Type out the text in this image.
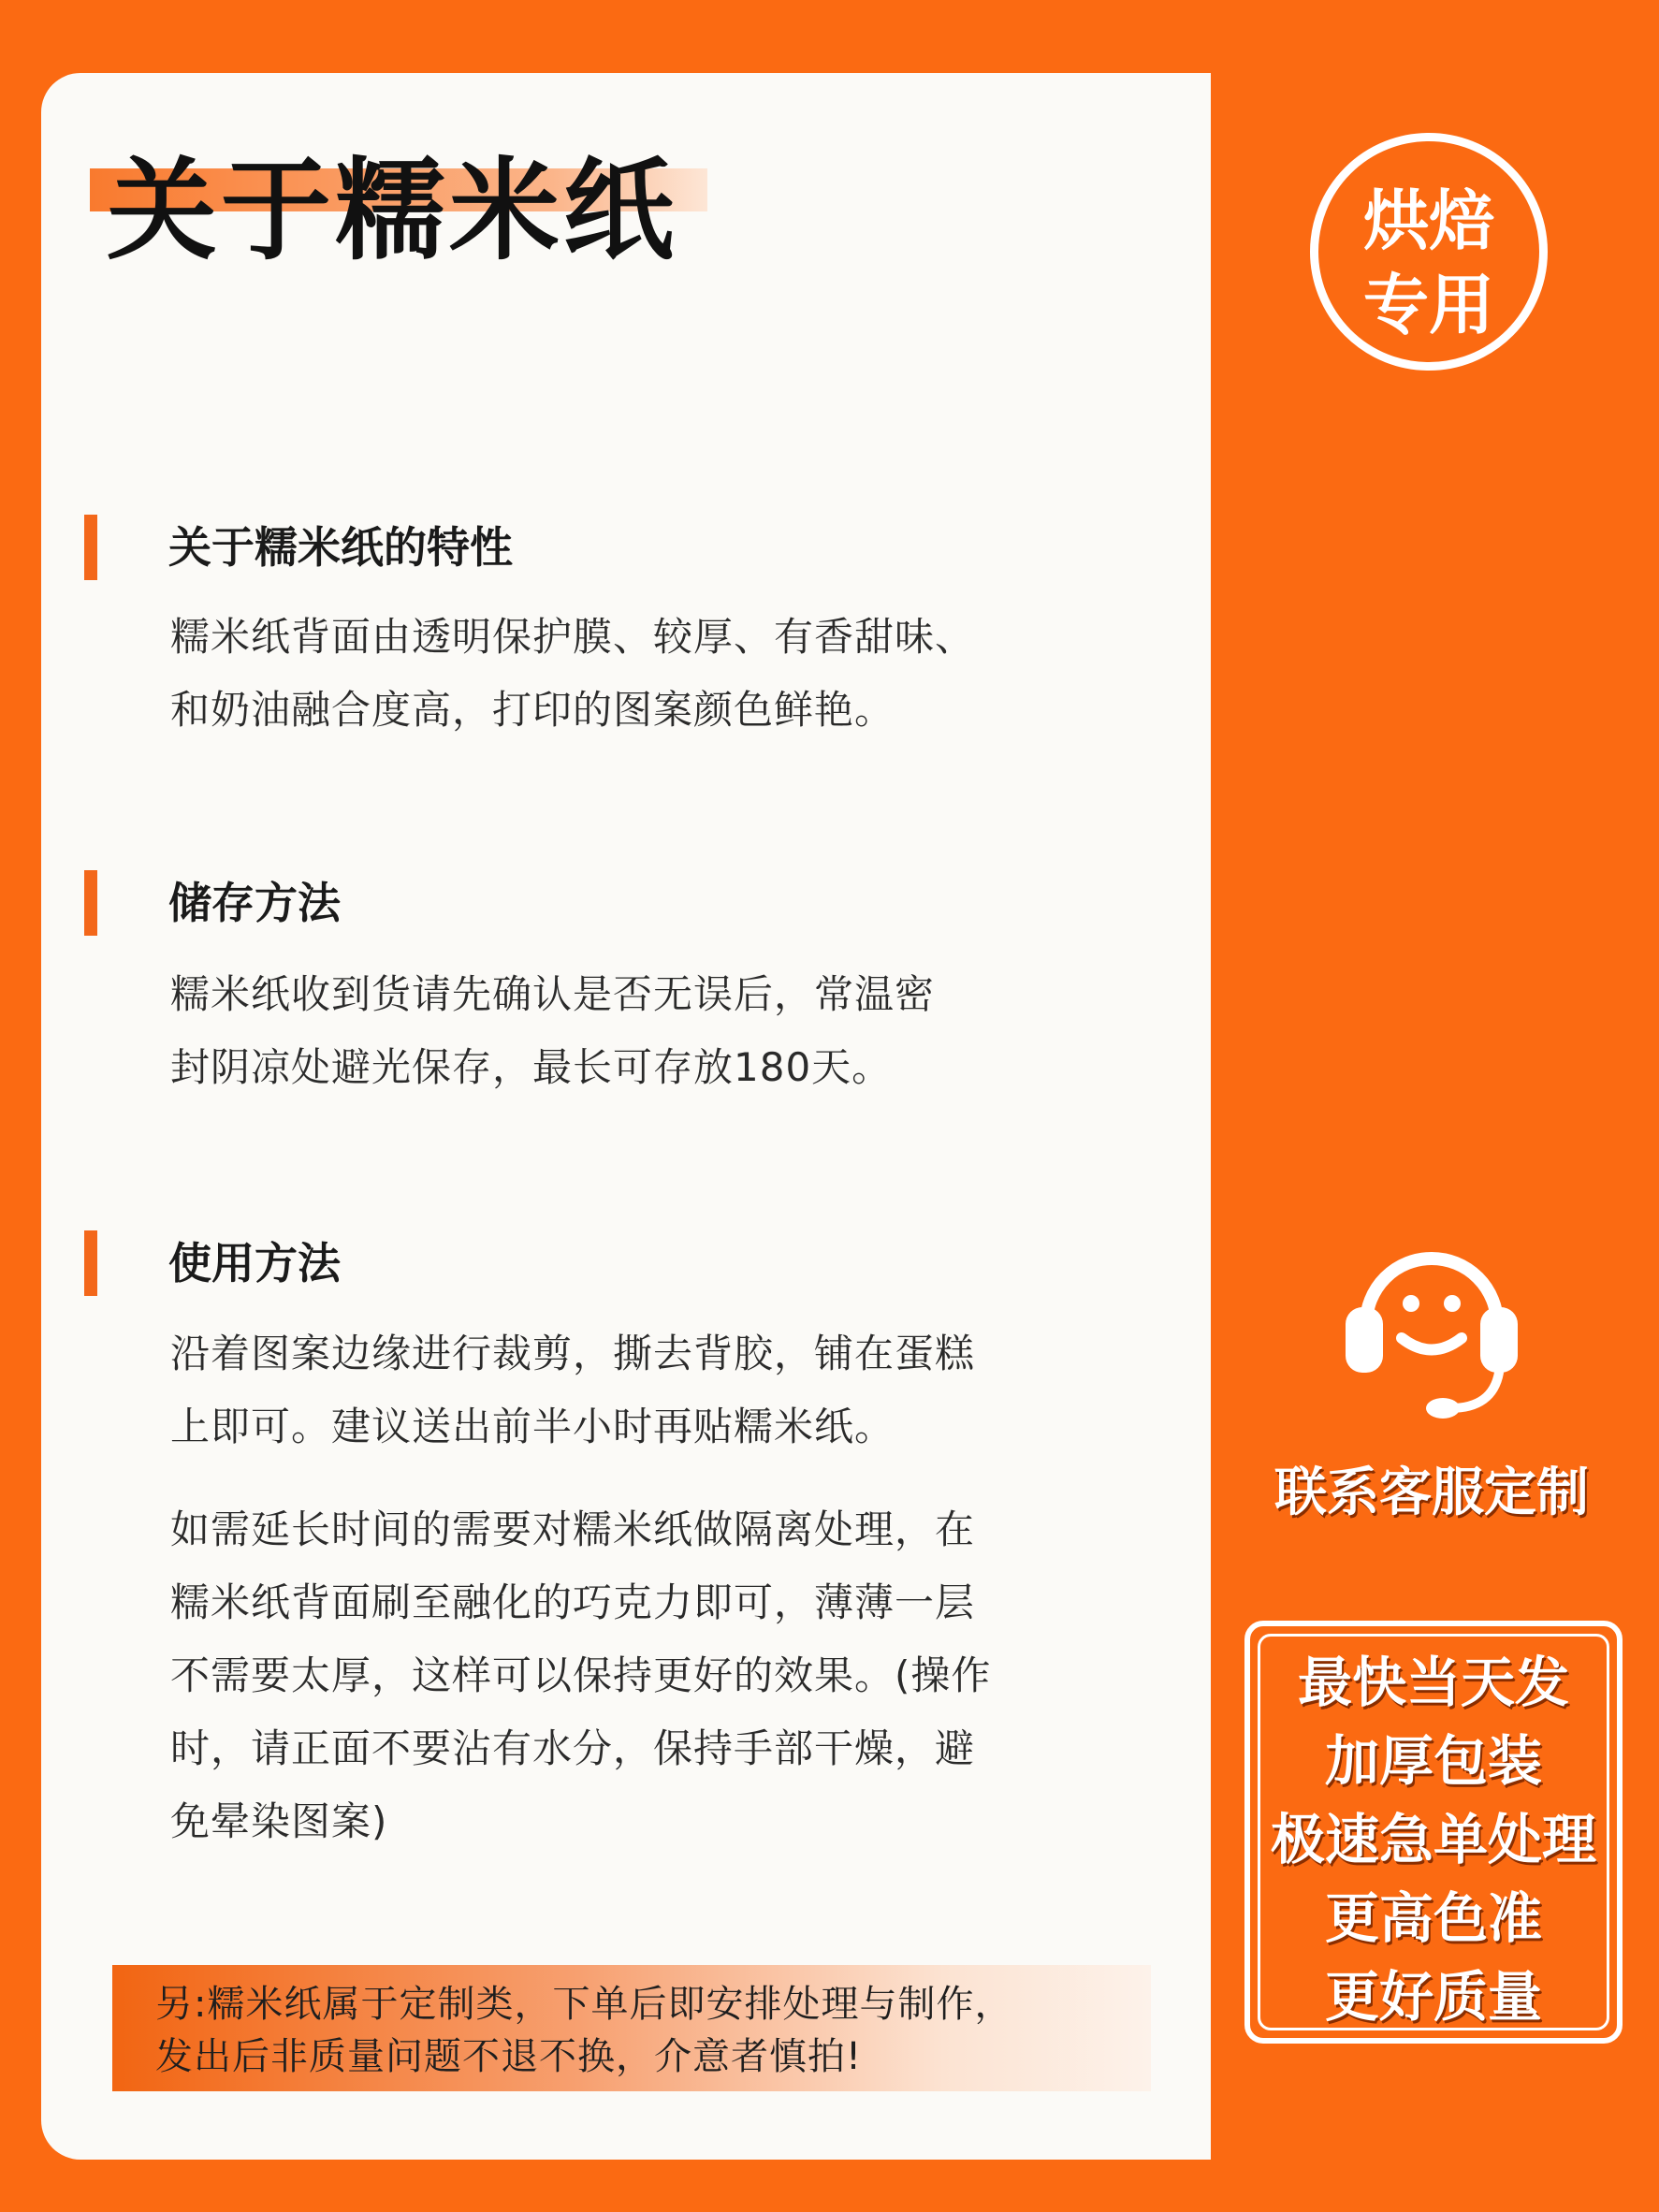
关于糯米纸
关于糯米纸的特性

糯米纸背面由透明保护膜、较厚、有香甜味、
和奶油融合度高，打印的图案颜色鲜艳。

储存方法

糯米纸收到货请先确认是否无误后，常温密
封阴凉处避光保存，最长可存放180天。

使用方法

沿着图案边缘进行裁剪，撕去背胶，铺在蛋糕
上即可。建议送出前半小时再贴糯米纸。

如需延长时间的需要对糯米纸做隔离处理，在
糯米纸背面刷至融化的巧克力即可，薄薄一层
不需要太厚，这样可以保持更好的效果。(操作
时，请正面不要沾有水分，保持手部干燥，避
免晕染图案)

另:糯米纸属于定制类，下单后即安排处理与制作，
发出后非质量问题不退不换，介意者慎拍!

烘焙
专用

联系客服定制

最快当天发
加厚包装
极速急单处理
更高色准
更好质量
